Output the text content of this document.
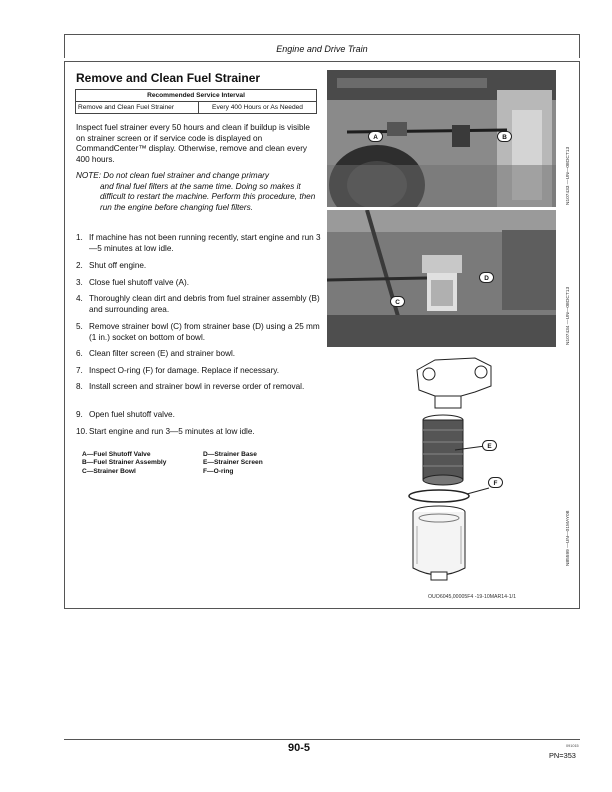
Engine and Drive Train
Remove and Clean Fuel Strainer
Recommended Service Interval
Remove and Clean Fuel Strainer	Every 400 Hours or As Needed
Inspect fuel strainer every 50 hours and clean if buildup is visible on strainer screen or if service code is displayed on CommandCenter™ display. Otherwise, remove and clean every 400 hours.
NOTE: Do not clean fuel strainer and change primary
and final fuel filters at the same time. Doing so makes it difficult to restart the machine. Perform this procedure, then run the engine before changing fuel filters.
1. If machine has not been running recently, start engine and run 3—5 minutes at low idle.
2. Shut off engine.
3. Close fuel shutoff valve (A).
4. Thoroughly clean dirt and debris from fuel strainer assembly (B) and surrounding area.
5. Remove strainer bowl (C) from strainer base (D) using a 25 mm (1 in.) socket on bottom of bowl.
6. Clean filter screen (E) and strainer bowl.
7. Inspect O-ring (F) for damage. Replace if necessary.
8. Install screen and strainer bowl in reverse order of removal.
9. Open fuel shutoff valve.
10. Start engine and run 3—5 minutes at low idle.
A—Fuel Shutoff Valve
B—Fuel Strainer Assembly
C—Strainer Bowl
D—Strainer Base
E—Strainer Screen
F—O-ring
A	B
N107433 —UN—08OCT13
D
C	N107434 —UN—08OCT13
E
F
N85599 —UN—01MAY08
OUO6045,00005F4 -19-10MAR14-1/1
90-5	091015
PN=353
